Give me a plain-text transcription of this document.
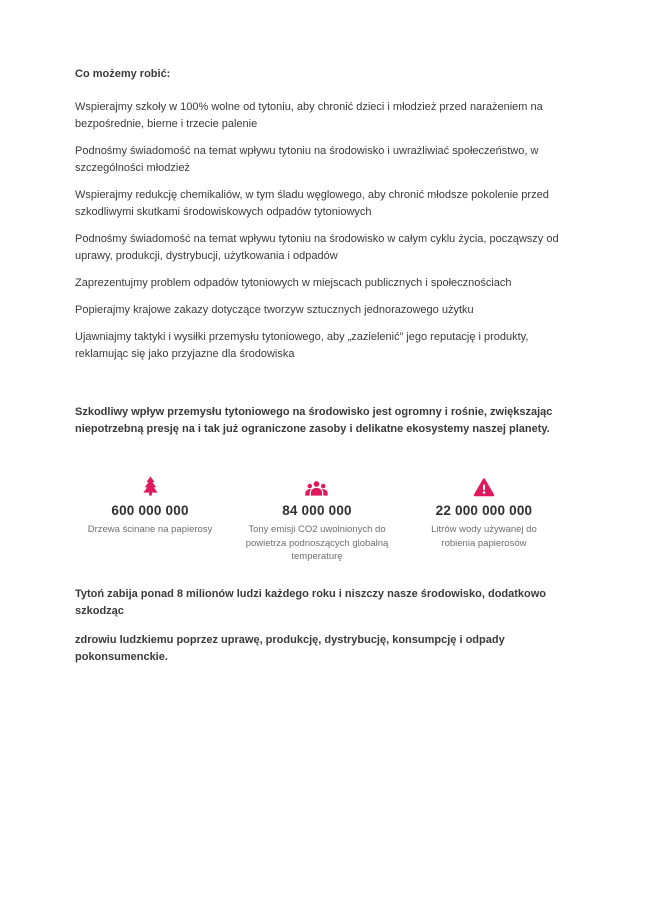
Co możemy robić:

Wspierajmy szkoły w 100% wolne od tytoniu, aby chronić dzieci i młodzież przed narażeniem na bezpośrednie, bierne i trzecie palenie

Podnośmy świadomość na temat wpływu tytoniu na środowisko i uwrażliwiać społeczeństwo, w szczególności młodzież

Wspierajmy redukcję chemikaliów, w tym śladu węglowego, aby chronić młodsze pokolenie przed szkodliwymi skutkami środowiskowych odpadów tytoniowych

Podnośmy świadomość na temat wpływu tytoniu na środowisko w całym cyklu życia, począwszy od uprawy, produkcji, dystrybucji, użytkowania i odpadów

Zaprezentujmy problem odpadów tytoniowych w miejscach publicznych i społecznościach

Popierajmy krajowe zakazy dotyczące tworzyw sztucznych jednorazowego użytku

Ujawniajmy taktyki i wysiłki przemysłu tytoniowego, aby „zazielenić” jego reputację i produkty, reklamując się jako przyjazne dla środowiska

Szkodliwy wpływ przemysłu tytoniowego na środowisko jest ogromny i rośnie, zwiększając niepotrzebną presję na i tak już ograniczone zasoby i delikatne ekosystemy naszej planety.

600 000 000
Drzewa ścinane na papierosy
84 000 000
Tony emisji CO2 uwolnionych do powietrza podnoszących globalną temperaturę
22 000 000 000
Litrów wody używanej do robienia papierosów

Tytoń zabija ponad 8 milionów ludzi każdego roku i niszczy nasze środowisko, dodatkowo szkodząc

zdrowiu ludzkiemu poprzez uprawę, produkcję, dystrybucję, konsumpcję i odpady pokonsumenckie.
